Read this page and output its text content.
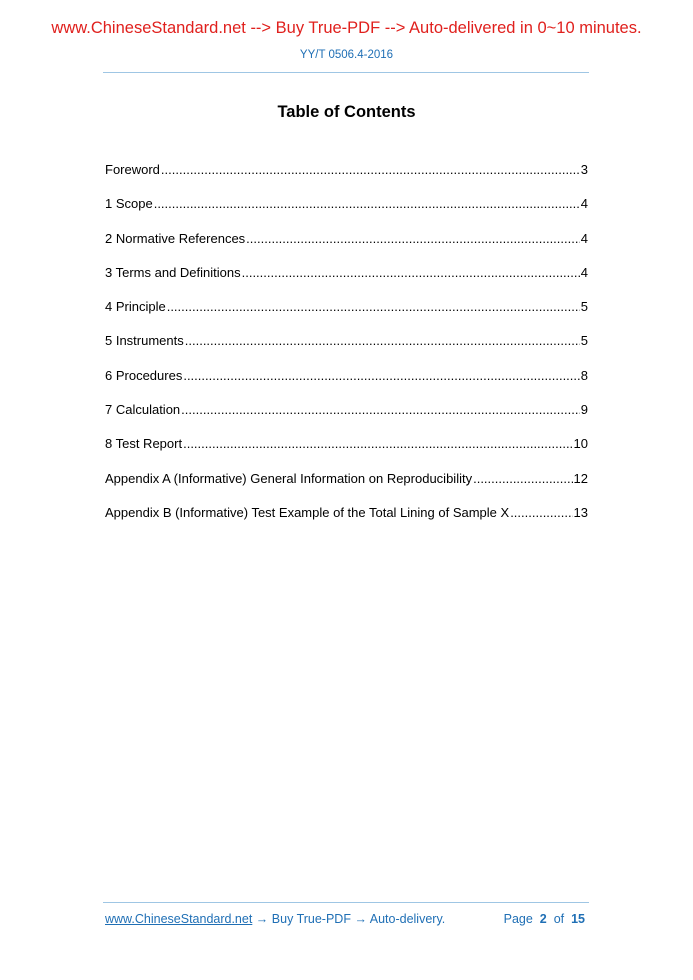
www.ChineseStandard.net --> Buy True-PDF --> Auto-delivered in 0~10 minutes.
YY/T 0506.4-2016
Table of Contents
Foreword .....	3
1 Scope .....	4
2 Normative References .....	4
3 Terms and Definitions .....	4
4 Principle .....	5
5 Instruments .....	5
6 Procedures .....	8
7 Calculation .....	9
8 Test Report .....	10
Appendix A (Informative) General Information on Reproducibility .....	12
Appendix B (Informative) Test Example of the Total Lining of Sample X .....	13
www.ChineseStandard.net → Buy True-PDF → Auto-delivery.	Page 2 of 15
